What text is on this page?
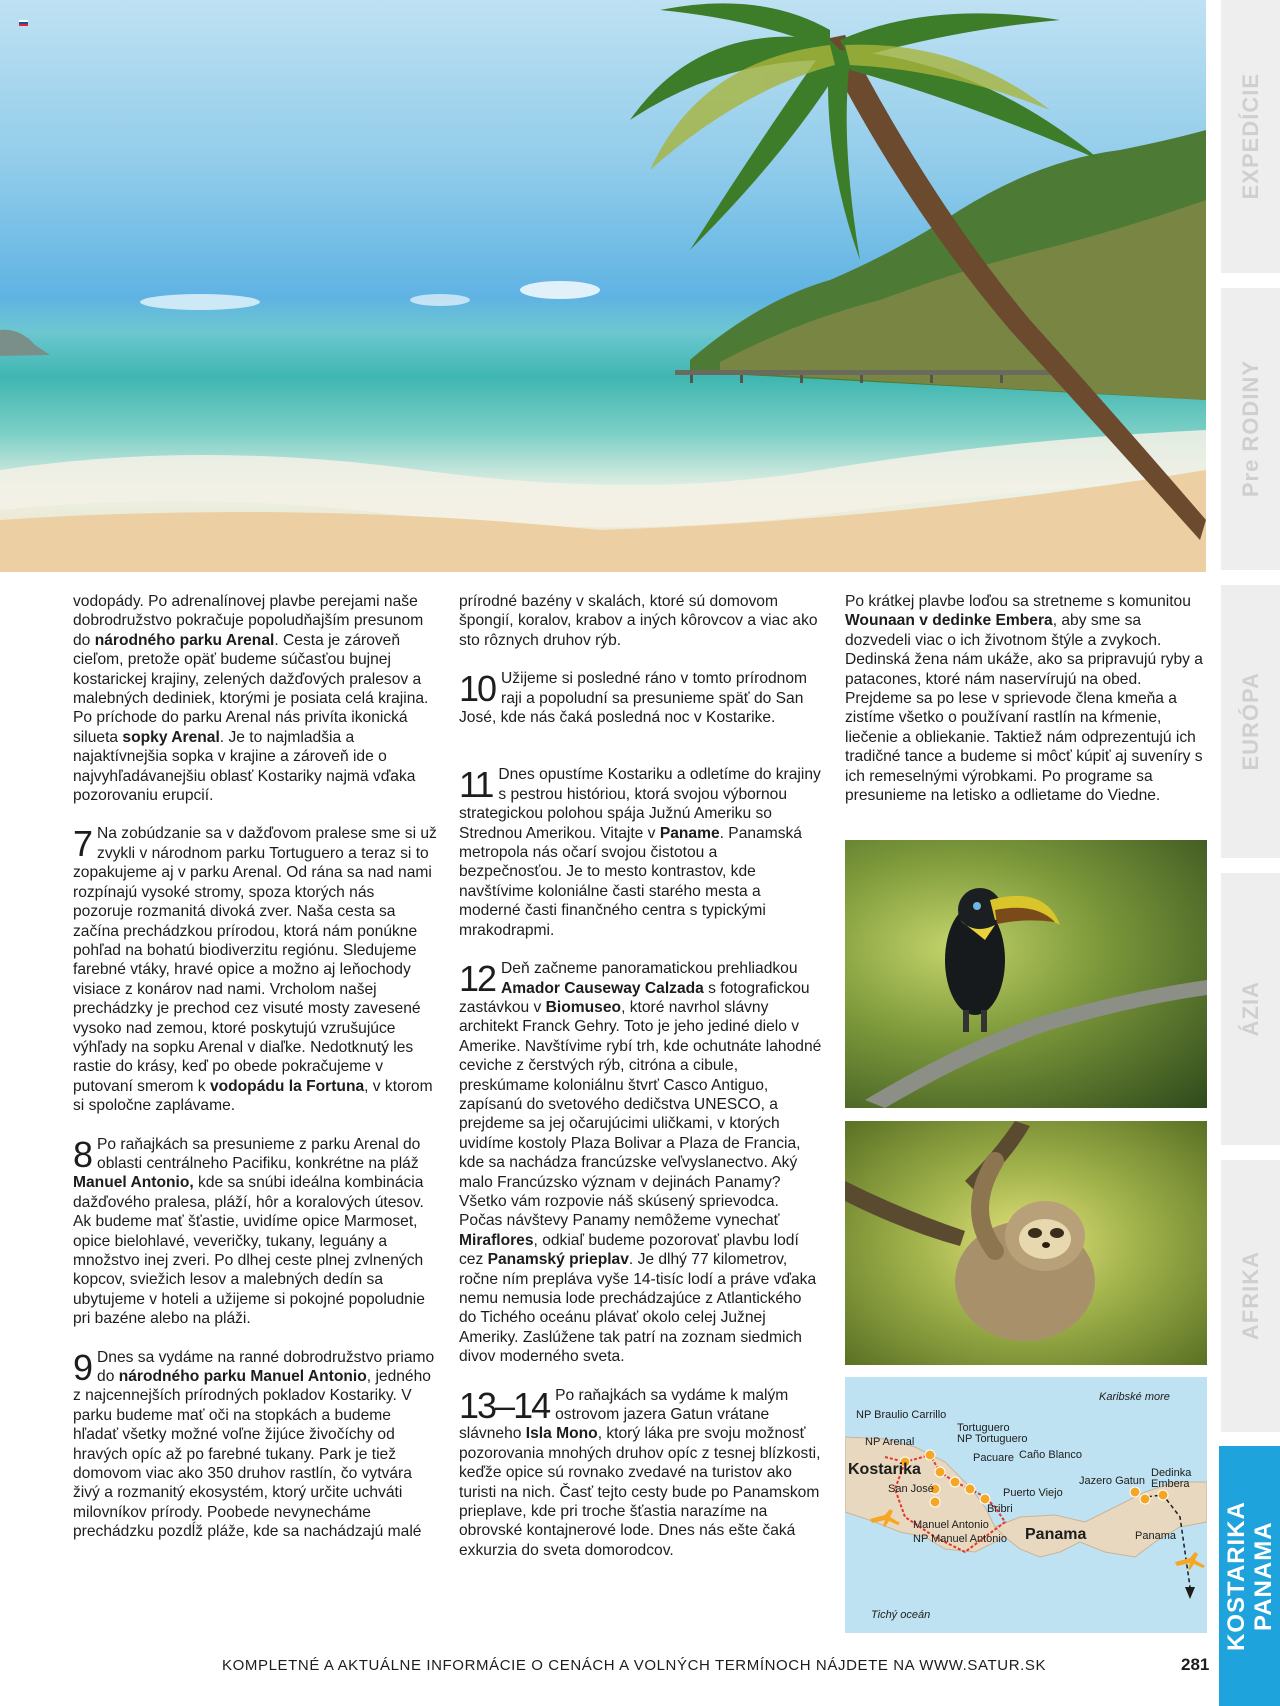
EXPEDÍCIE
Pre RODINY
EURÓPA
ÁZIA
AFRIKA
KOSTARIKA PANAMA

vodopády. Po adrenalínovej plavbe perejami naše dobrodružstvo pokračuje popoludňajším presunom do národného parku Arenal. Cesta je zároveň cieľom, pretože opäť budeme súčasťou bujnej kostarickej krajiny, zelených dažďových pralesov a malebných dediniek, ktorými je posiata celá krajina. Po príchode do parku Arenal nás privíta ikonická silueta sopky Arenal. Je to najmladšia a najaktívnejšia sopka v krajine a zároveň ide o najvyhľadávanejšiu oblasť Kostariky najmä vďaka pozorovaniu erupcií.

7 Na zobúdzanie sa v dažďovom pralese sme si už zvykli v národnom parku Tortuguero a teraz si to zopakujeme aj v parku Arenal. Od rána sa nad nami rozpínajú vysoké stromy, spoza ktorých nás pozoruje rozmanitá divoká zver. Naša cesta sa začína prechádzkou prírodou, ktorá nám ponúkne pohľad na bohatú biodiverzitu regiónu. Sledujeme farebné vtáky, hravé opice a možno aj leňochody visiace z konárov nad nami. Vrcholom našej prechádzky je prechod cez visuté mosty zavesené vysoko nad zemou, ktoré poskytujú vzrušujúce výhľady na sopku Arenal v diaľke. Nedotknutý les rastie do krásy, keď po obede pokračujeme v putovaní smerom k vodopádu la Fortuna, v ktorom si spoločne zaplávame.
8 Po raňajkách sa presunieme z parku Arenal do oblasti centrálneho Pacifiku, konkrétne na pláž Manuel Antonio, kde sa snúbi ideálna kombinácia dažďového pralesa, pláží, hôr a koralových útesov. Ak budeme mať šťastie, uvidíme opice Marmoset, opice bielohlavé, veveričky, tukany, leguány a množstvo inej zveri. Po dlhej ceste plnej zvlnených kopcov, sviežich lesov a malebných dedín sa ubytujeme v hoteli a užijeme si pokojné popoludnie pri bazéne alebo na pláži.
9 Dnes sa vydáme na ranné dobrodružstvo priamo do národného parku Manuel Antonio, jedného z najcennejších prírodných pokladov Kostariky. V parku budeme mať oči na stopkách a budeme hľadať všetky možné voľne žijúce živočíchy od hravých opíc až po farebné tukany. Park je tiež domovom viac ako 350 druhov rastlín, čo vytvára živý a rozmanitý ekosystém, ktorý určite uchváti milovníkov prírody. Poobede nevynecháme prechádzku pozdĺž pláže, kde sa nachádzajú malé

prírodné bazény v skalách, ktoré sú domovom špongií, koralov, krabov a iných kôrovcov a viac ako sto rôznych druhov rýb.

10 Užijeme si posledné ráno v tomto prírodnom raji a popoludní sa presunieme späť do San José, kde nás čaká posledná noc v Kostarike.
11 Dnes opustíme Kostariku a odletíme do krajiny s pestrou históriou, ktorá svojou výbornou strategickou polohou spája Južnú Ameriku so Strednou Amerikou. Vitajte v Paname. Panamská metropola nás očarí svojou čistotou a bezpečnosťou. Je to mesto kontrastov, kde navštívime koloniálne časti starého mesta a moderné časti finančného centra s typickými mrakodrapmi.
12 Deň začneme panoramatickou prehliadkou Amador Causeway Calzada s fotografickou zastávkou v Biomuseo, ktoré navrhol slávny architekt Franck Gehry. Toto je jeho jediné dielo v Amerike. Navštívime rybí trh, kde ochutnáte lahodné ceviche z čerstvých rýb, citróna a cibule, preskúmame koloniálnu štvrť Casco Antiguo, zapísanú do svetového dedičstva UNESCO, a prejdeme sa jej očarujúcimi uličkami, v ktorých uvidíme kostoly Plaza Bolivar a Plaza de Francia, kde sa nachádza francúzske veľvyslanectvo. Aký malo Francúzsko význam v dejinách Panamy? Všetko vám rozpovie náš skúsený sprievodca. Počas návštevy Panamy nemôžeme vynechať Miraflores, odkiaľ budeme pozorovať plavbu lodí cez Panamský prieplav. Je dlhý 77 kilometrov, ročne ním preplávа vyše 14-tisíc lodí a práve vďaka nemu nemusia lode prechádzajúce z Atlantického do Tichého oceánu plávať okolo celej Južnej Ameriky. Zaslúžene tak patrí na zoznam siedmich divov moderného sveta.
13–14 Po raňajkách sa vydáme k malým ostrovom jazera Gatun vrátane slávneho Isla Mono, ktorý láka pre svoju možnosť pozorovania mnohých druhov opíc z tesnej blízkosti, keďže opice sú rovnako zvedavé na turistov ako turisti na nich. Časť tejto cesty bude po Panamskom prieplave, kde pri troche šťastia narazíme na obrovské kontajnerové lode. Dnes nás ešte čaká exkurzia do sveta domorodcov.

Po krátkej plavbe loďou sa stretneme s komunitou Wounaan v dedinke Embera, aby sme sa dozvedeli viac o ich životnom štýle a zvykoch. Dedinská žena nám ukáže, ako sa pripravujú ryby a patacones, ktoré nám naservírujú na obed. Prejdeme sa po lese v sprievode člena kmeňa a zistíme všetko o používaní rastlín na kŕmenie, liečenie a obliekanie. Taktiež nám odprezentujú ich tradičné tance a budeme si môcť kúpiť aj suveníry s ich remeselnými výrobkami. Po programe sa presunieme na letisko a odlietame do Viedne.

Karibské more
Tichý oceán
NP Braulio Carrillo
NP Arenal
Tortuguero
NP Tortuguero
Pacuare Caño Blanco
Kostarika
San José	Puerto Viejo
Bribri
Jazero Gatun
Dedinka
Embera
Manuel Antonio
NP Manuel Antonio Panama	Panama
KOMPLETNÉ A AKTUÁLNE INFORMÁCIE O CENÁCH A VOLNÝCH TERMÍNOCH NÁJDETE NA WWW.SATUR.SK	281
